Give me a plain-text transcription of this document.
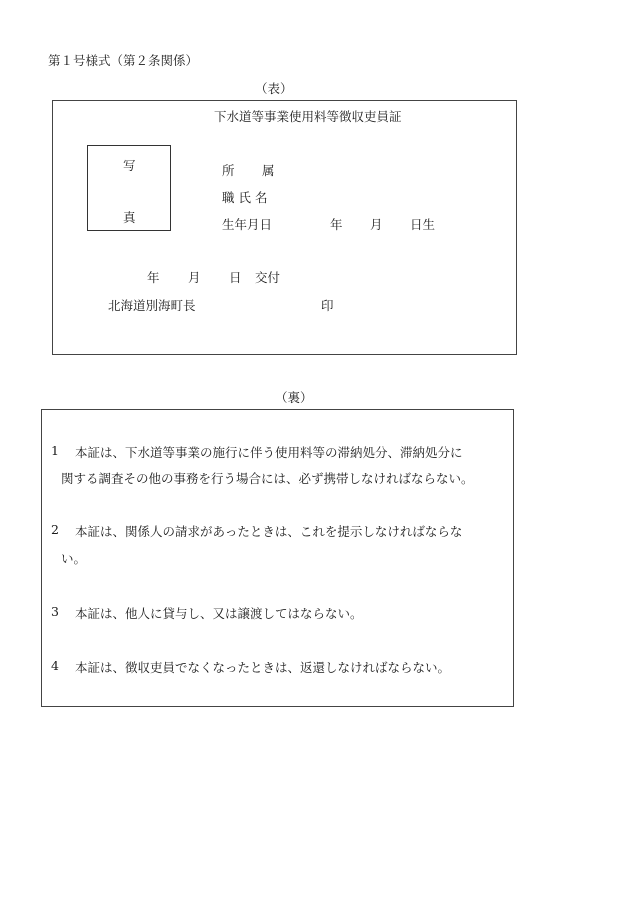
第１号様式（第２条関係）
（表）
下水道等事業使用料等徴収吏員証
写
真
所 属
職 氏 名
生年月日	年 月 日生
年 月 日 交付
北海道別海町長	印
（裏）
1 本証は、下水道等事業の施行に伴う使用料等の滞納処分、滞納処分に
関する調査その他の事務を行う場合には、必ず携帯しなければならない。
2 本証は、関係人の請求があったときは、これを提示しなければならな
い。
3 本証は、他人に貸与し、又は譲渡してはならない。
4 本証は、徴収吏員でなくなったときは、返還しなければならない。
